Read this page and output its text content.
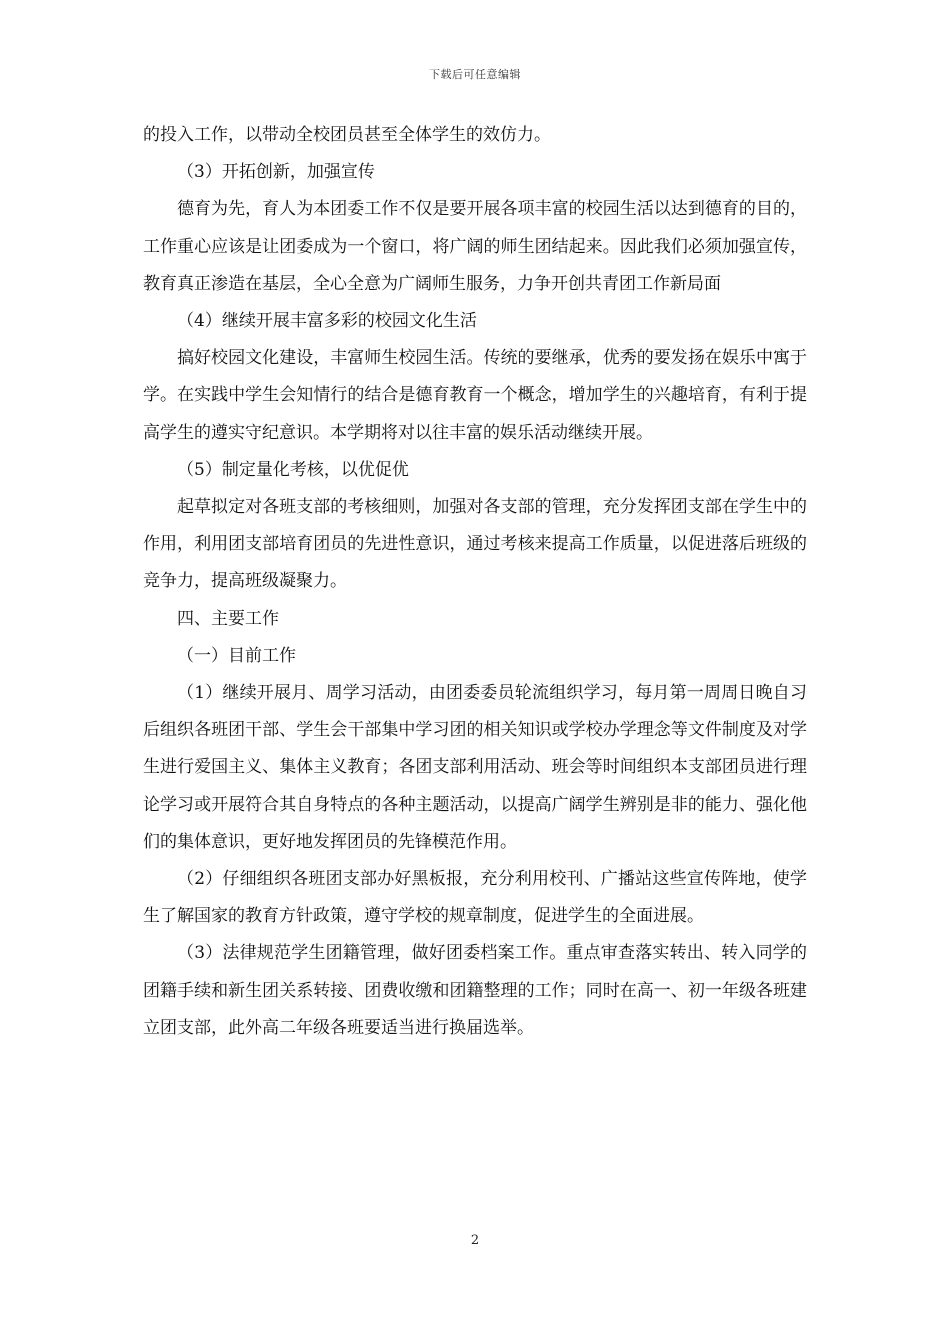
下载后可任意编辑

的投入工作，以带动全校团员甚至全体学生的效仿力。

（3）开拓创新，加强宣传

德育为先，育人为本团委工作不仅是要开展各项丰富的校园生活以达到德育的目的，工作重心应该是让团委成为一个窗口，将广阔的师生团结起来。因此我们必须加强宣传，教育真正渗造在基层，全心全意为广阔师生服务，力争开创共青团工作新局面

（4）继续开展丰富多彩的校园文化生活

搞好校园文化建设，丰富师生校园生活。传统的要继承，优秀的要发扬在娱乐中寓于学。在实践中学生会知情行的结合是德育教育一个概念，增加学生的兴趣培育，有利于提高学生的遵实守纪意识。本学期将对以往丰富的娱乐活动继续开展。

（5）制定量化考核，以优促优

起草拟定对各班支部的考核细则，加强对各支部的管理，充分发挥团支部在学生中的作用，利用团支部培育团员的先进性意识，通过考核来提高工作质量，以促进落后班级的竞争力，提高班级凝聚力。

四、主要工作

（一）目前工作

（1）继续开展月、周学习活动，由团委委员轮流组织学习，每月第一周周日晚自习后组织各班团干部、学生会干部集中学习团的相关知识或学校办学理念等文件制度及对学生进行爱国主义、集体主义教育；各团支部利用活动、班会等时间组织本支部团员进行理论学习或开展符合其自身特点的各种主题活动，以提高广阔学生辨别是非的能力、强化他们的集体意识，更好地发挥团员的先锋模范作用。

（2）仔细组织各班团支部办好黑板报，充分利用校刊、广播站这些宣传阵地，使学生了解国家的教育方针政策，遵守学校的规章制度，促进学生的全面进展。

（3）法律规范学生团籍管理，做好团委档案工作。重点审查落实转出、转入同学的团籍手续和新生团关系转接、团费收缴和团籍整理的工作；同时在高一、初一年级各班建立团支部，此外高二年级各班要适当进行换届选举。

2
